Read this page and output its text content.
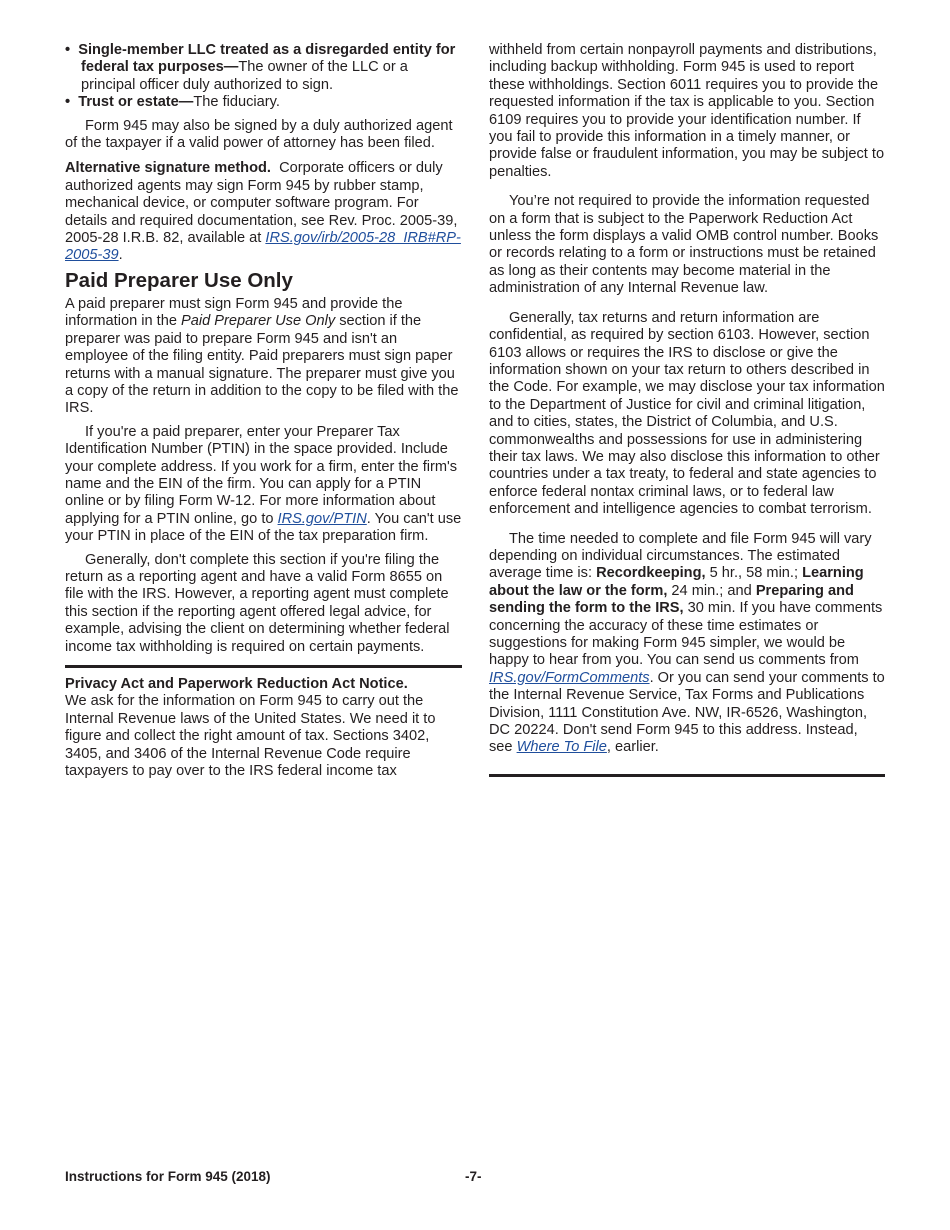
•  Single-member LLC treated as a disregarded entity for federal tax purposes—The owner of the LLC or a principal officer duly authorized to sign.

•  Trust or estate—The fiduciary.

Form 945 may also be signed by a duly authorized agent of the taxpayer if a valid power of attorney has been filed.

Alternative signature method. Corporate officers or duly authorized agents may sign Form 945 by rubber stamp, mechanical device, or computer software program. For details and required documentation, see Rev. Proc. 2005-39, 2005-28 I.R.B. 82, available at IRS.gov/irb/2005-28_IRB#RP-2005-39.

Paid Preparer Use Only

A paid preparer must sign Form 945 and provide the information in the Paid Preparer Use Only section if the preparer was paid to prepare Form 945 and isn't an employee of the filing entity. Paid preparers must sign paper returns with a manual signature. The preparer must give you a copy of the return in addition to the copy to be filed with the IRS.

If you're a paid preparer, enter your Preparer Tax Identification Number (PTIN) in the space provided. Include your complete address. If you work for a firm, enter the firm's name and the EIN of the firm. You can apply for a PTIN online or by filing Form W-12. For more information about applying for a PTIN online, go to IRS.gov/PTIN. You can't use your PTIN in place of the EIN of the tax preparation firm.

Generally, don't complete this section if you're filing the return as a reporting agent and have a valid Form 8655 on file with the IRS. However, a reporting agent must complete this section if the reporting agent offered legal advice, for example, advising the client on determining whether federal income tax withholding is required on certain payments.

Privacy Act and Paperwork Reduction Act Notice.
We ask for the information on Form 945 to carry out the Internal Revenue laws of the United States. We need it to figure and collect the right amount of tax. Sections 3402, 3405, and 3406 of the Internal Revenue Code require taxpayers to pay over to the IRS federal income tax

withheld from certain nonpayroll payments and distributions, including backup withholding. Form 945 is used to report these withholdings. Section 6011 requires you to provide the requested information if the tax is applicable to you. Section 6109 requires you to provide your identification number. If you fail to provide this information in a timely manner, or provide false or fraudulent information, you may be subject to penalties.

You’re not required to provide the information requested on a form that is subject to the Paperwork Reduction Act unless the form displays a valid OMB control number. Books or records relating to a form or instructions must be retained as long as their contents may become material in the administration of any Internal Revenue law.

Generally, tax returns and return information are confidential, as required by section 6103. However, section 6103 allows or requires the IRS to disclose or give the information shown on your tax return to others described in the Code. For example, we may disclose your tax information to the Department of Justice for civil and criminal litigation, and to cities, states, the District of Columbia, and U.S. commonwealths and possessions for use in administering their tax laws. We may also disclose this information to other countries under a tax treaty, to federal and state agencies to enforce federal nontax criminal laws, or to federal law enforcement and intelligence agencies to combat terrorism.

The time needed to complete and file Form 945 will vary depending on individual circumstances. The estimated average time is: Recordkeeping, 5 hr., 58 min.; Learning about the law or the form, 24 min.; and Preparing and sending the form to the IRS, 30 min. If you have comments concerning the accuracy of these time estimates or suggestions for making Form 945 simpler, we would be happy to hear from you. You can send us comments from IRS.gov/FormComments. Or you can send your comments to the Internal Revenue Service, Tax Forms and Publications Division, 1111 Constitution Ave. NW, IR-6526, Washington, DC 20224. Don't send Form 945 to this address. Instead, see Where To File, earlier.

Instructions for Form 945 (2018)	-7-
